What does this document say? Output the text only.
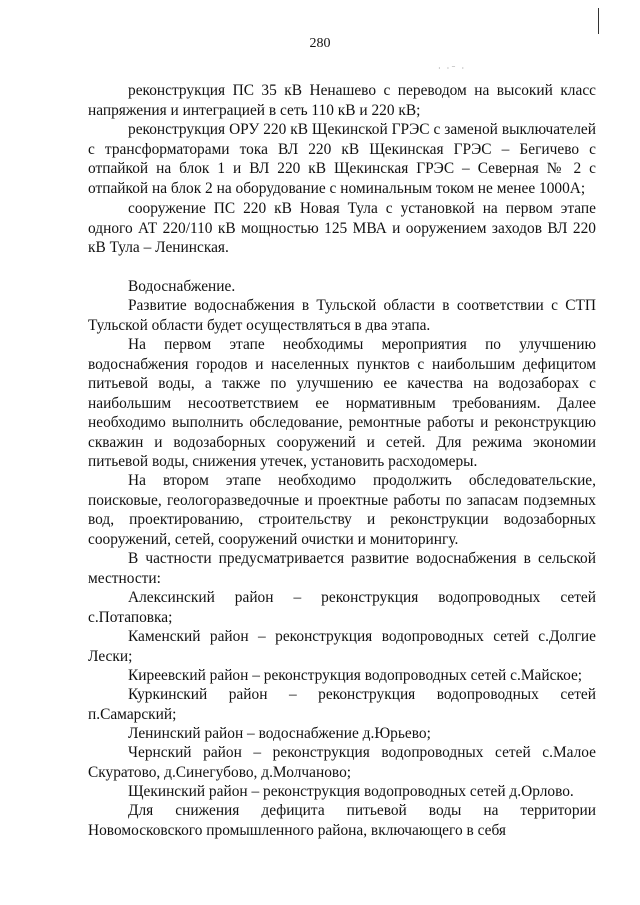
· ·⁻ ·
280
реконструкция ПС 35 кВ Ненашево с переводом на высокий класс напряжения и интеграцией в сеть 110 кВ и 220 кВ;
реконструкция ОРУ 220 кВ Щекинской ГРЭС с заменой выключателей с трансформаторами тока ВЛ 220 кВ Щекинская ГРЭС – Бегичево с отпайкой на блок 1 и ВЛ 220 кВ Щекинская ГРЭС – Северная № 2 с отпайкой на блок 2 на оборудование с номинальным током не менее 1000А;
сооружение ПС 220 кВ Новая Тула с установкой на первом этапе одного АТ 220/110 кВ мощностью 125 МВА и ооружением заходов ВЛ 220 кВ Тула – Ленинская.
Водоснабжение.
Развитие водоснабжения в Тульской области в соответствии с СТП Тульской области будет осуществляться в два этапа.
На первом этапе необходимы мероприятия по улучшению водоснабжения городов и населенных пунктов с наибольшим дефицитом питьевой воды, а также по улучшению ее качества на водозаборах с наибольшим несоответствием ее нормативным требованиям. Далее необходимо выполнить обследование, ремонтные работы и реконструкцию скважин и водозаборных сооружений и сетей. Для режима экономии питьевой воды, снижения утечек, установить расходомеры.
На втором этапе необходимо продолжить обследовательские, поисковые, геологоразведочные и проектные работы по запасам подземных вод, проектированию, строительству и реконструкции водозаборных сооружений, сетей, сооружений очистки и мониторингу.
В частности предусматривается развитие водоснабжения в сельской местности:
Алексинский район – реконструкция водопроводных сетей с.Потаповка;
Каменский район – реконструкция водопроводных сетей с.Долгие Лески;
Киреевский район – реконструкция водопроводных сетей с.Майское;
Куркинский район – реконструкция водопроводных сетей п.Самарский;
Ленинский район – водоснабжение д.Юрьево;
Чернский район – реконструкция водопроводных сетей с.Малое Скуратово, д.Синегубово, д.Молчаново;
Щекинский район – реконструкция водопроводных сетей д.Орлово.
Для снижения дефицита питьевой воды на территории Новомосковского промышленного района, включающего в себя
